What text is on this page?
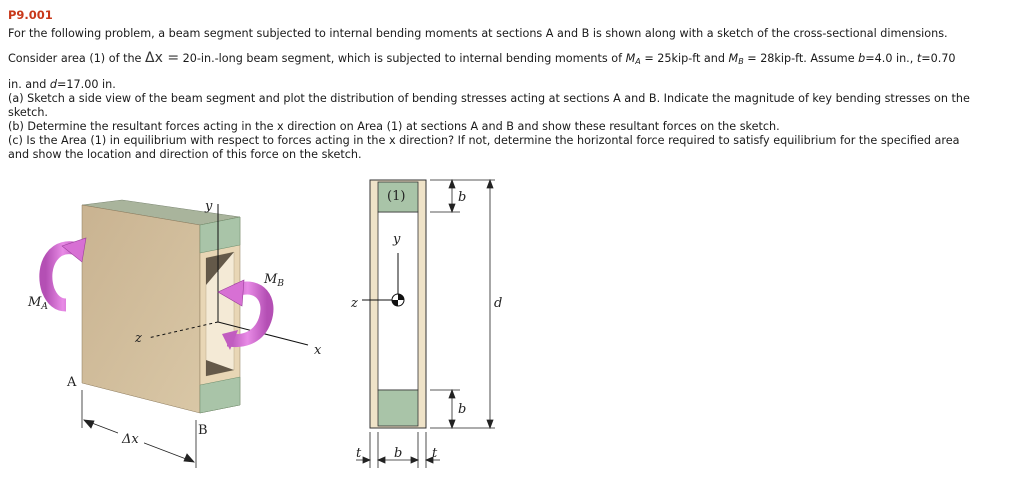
P9.001
For the following problem, a beam segment subjected to internal bending moments at sections A and B is shown along with a sketch of the cross-sectional dimensions.
Consider area (1) of the Δx = 20-in.-long beam segment, which is subjected to internal bending moments of $M_A = 25kip-ft$ and $M_B = 28kip-ft$. Assume b=4.0 in., t=0.70
in. and d=17.00 in.
(a) Sketch a side view of the beam segment and plot the distribution of bending stresses acting at sections A and B. Indicate the magnitude of key bending stresses on the
sketch.
(b) Determine the resultant forces acting in the x direction on Area (1) at sections A and B and show these resultant forces on the sketch.
(c) Is the Area (1) in equilibrium with respect to forces acting in the x direction? If not, determine the horizontal force required to satisfy equilibrium for the specified area
and show the location and direction of this force on the sketch.
y
x
z
$M_A$
$M_B$
A
B
Δx
(1)
y
z
b
b
d
t	b t
